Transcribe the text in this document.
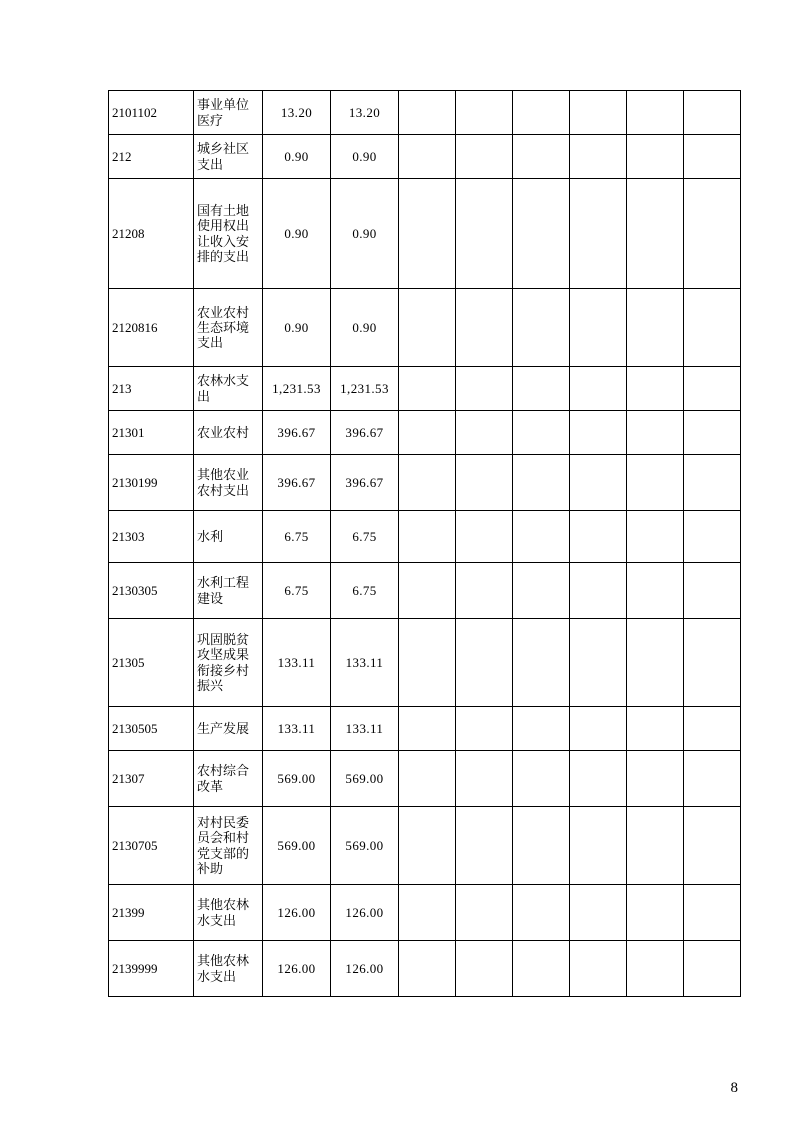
2101102	事业单位医疗	13.20	13.20						
212	城乡社区支出	0.90	0.90						
21208	国有土地使用权出让收入安排的支出	0.90	0.90						
2120816	农业农村生态环境支出	0.90	0.90						
213	农林水支出	1,231.53	1,231.53						
21301	农业农村	396.67	396.67						
2130199	其他农业农村支出	396.67	396.67						
21303	水利	6.75	6.75						
2130305	水利工程建设	6.75	6.75						
21305	巩固脱贫攻坚成果衔接乡村振兴	133.11	133.11						
2130505	生产发展	133.11	133.11						
21307	农村综合改革	569.00	569.00						
2130705	对村民委员会和村党支部的补助	569.00	569.00						
21399	其他农林水支出	126.00	126.00						
2139999	其他农林水支出	126.00	126.00						
8
